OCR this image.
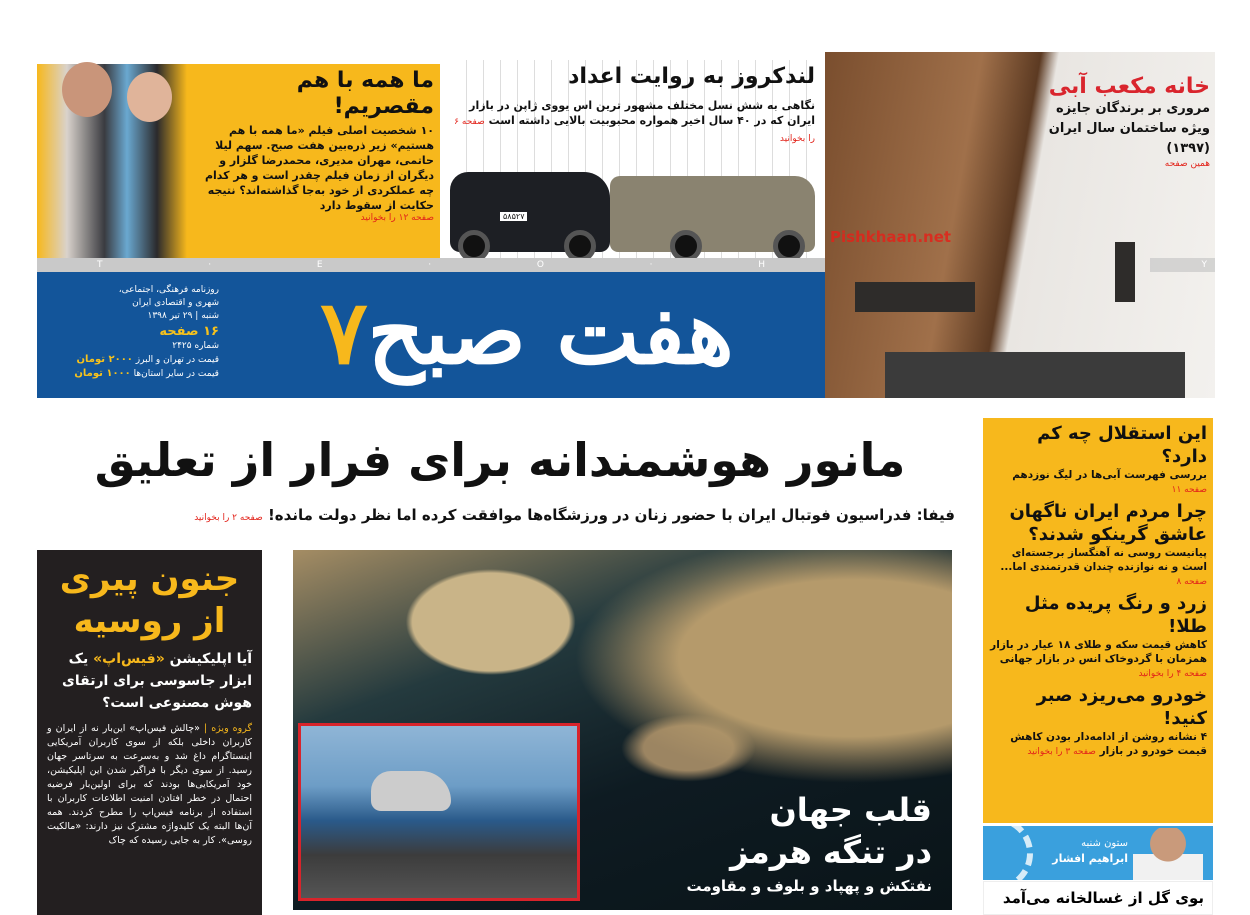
ما همه با هم مقصریم!
۱۰ شخصیت اصلی فیلم «ما همه با هم هستیم» زیر ذره‌بین هفت صبح. سهم لیلا حاتمی، مهران مدیری، محمدرضا گلزار و دیگران از زمان فیلم چقدر است و هر کدام چه عملکردی از خود به‌جا گذاشته‌اند؟ نتیجه حکایت از سقوط دارد
صفحه ۱۲ را بخوانید
لندکروز به روایت اعداد
نگاهی به شش نسل مختلف مشهور ترین اس یووی ژاپن در بازار ایران که در ۴۰ سال اخیر همواره محبوبیت بالایی داشته است صفحه ۶ را بخوانید
۵۸۵۲۷
خانه مکعب آبی
مروری بر برندگان جایزه ویژه ساختمان سال ایران (۱۳۹۷)
همین صفحه
Pishkhaan.net
T	·	E	·	O	·	H	Y
روزنامه فرهنگی، اجتماعی،
شهری و اقتصادی ایران
شنبه | ۲۹ تیر ۱۳۹۸
۱۶ صفحه
شماره ۲۴۲۵
قیمت در تهران و البرز ۲۰۰۰ تومان
قیمت در سایر استان‌ها ۱۰۰۰ تومان	هفت صبح۷
مانور هوشمندانه برای فرار از تعلیق
فیفا: فدراسیون فوتبال ایران با حضور زنان در ورزشگاه‌ها موافقت کرده اما نظر دولت مانده! صفحه ۲ را بخوانید
جنون پیری از روسیه
آیا اپلیکیشن «فیس‌اپ» یک ابزار جاسوسی برای ارتقای هوش مصنوعی است؟
گروه ویژه | «چالش فیس‌اپ» این‌بار نه از ایران و کاربران داخلی بلکه از سوی کاربران آمریکایی اینستاگرام داغ شد و به‌سرعت به سرتاسر جهان رسید. از سوی دیگر با فراگیر شدن این اپلیکیشن، خود آمریکایی‌ها بودند که برای اولین‌بار فرضیه احتمال در خطر افتادن امنیت اطلاعات کاربران با استفاده از برنامه فیس‌اپ را مطرح کردند. همه آن‌ها البته یک کلیدواژه مشترک نیز دارند: «مالکیت روسی». کار به جایی رسیده که چاک
قلب جهان
در تنگه هرمز
نفتکش و پهپاد و بلوف و مقاومت
این استقلال چه کم دارد؟
بررسی فهرست آبی‌ها در لیگ نوزدهم صفحه ۱۱
چرا مردم ایران ناگهان عاشق گرینکو شدند؟
پیانیست روسی نه آهنگساز برجسته‌ای است و نه نوازنده چندان قدرتمندی اما... صفحه ۸
زرد و رنگ پریده مثل طلا!
کاهش قیمت سکه و طلای ۱۸ عیار در بازار همزمان با گردوخاک انس در بازار جهانی صفحه ۴ را بخوانید
خودرو می‌ریزد صبر کنید!
۴ نشانه روشن از ادامه‌دار بودن کاهش قیمت خودرو در بازار صفحه ۳ را بخوانید
ستون شنبه
ابراهیم افشار
بوی گل از غسالخانه می‌آمد
